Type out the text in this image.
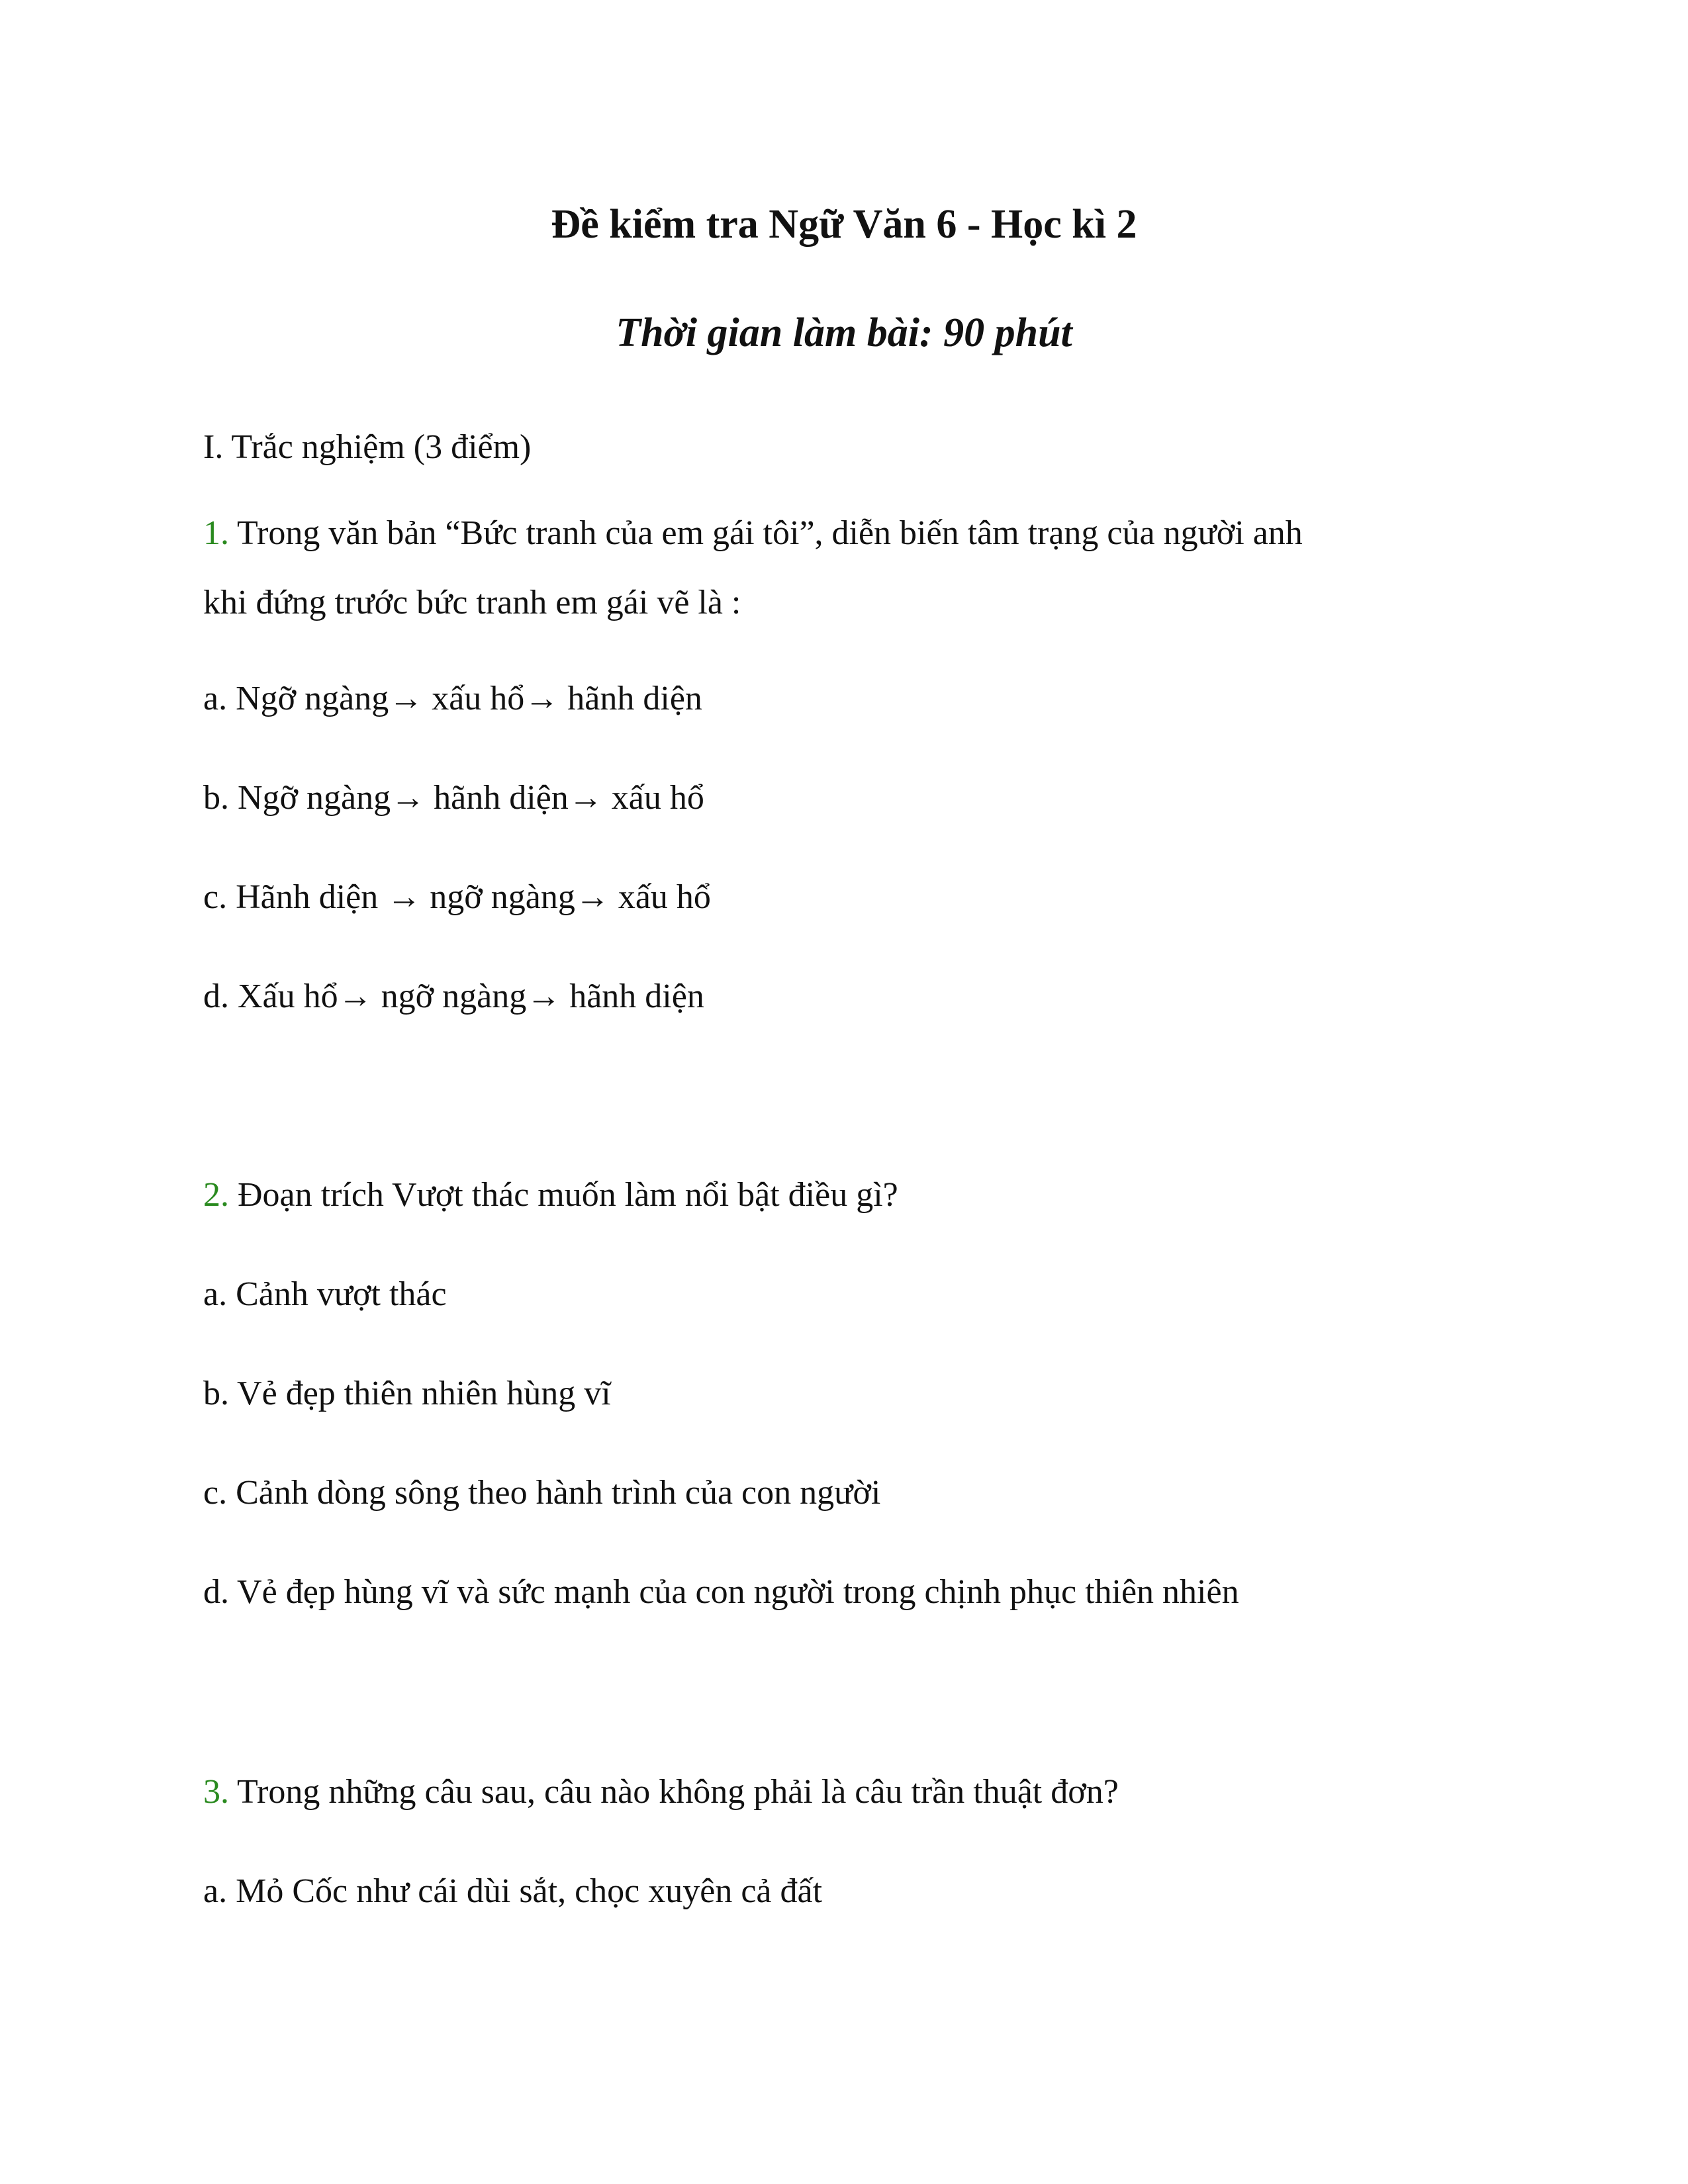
Đề kiểm tra Ngữ Văn 6 - Học kì 2
Thời gian làm bài: 90 phút
I. Trắc nghiệm (3 điểm)
1. Trong văn bản “Bức tranh của em gái tôi”, diễn biến tâm trạng của người anh
khi đứng trước bức tranh em gái vẽ là :
a. Ngỡ ngàng→ xấu hổ→ hãnh diện
b. Ngỡ ngàng→ hãnh diện→ xấu hổ
c. Hãnh diện → ngỡ ngàng→ xấu hổ
d. Xấu hổ→ ngỡ ngàng→ hãnh diện
2. Đoạn trích Vượt thác muốn làm nổi bật điều gì?
a. Cảnh vượt thác
b. Vẻ đẹp thiên nhiên hùng vĩ
c. Cảnh dòng sông theo hành trình của con người
d. Vẻ đẹp hùng vĩ và sức mạnh của con người trong chịnh phục thiên nhiên
3. Trong những câu sau, câu nào không phải là câu trần thuật đơn?
a. Mỏ Cốc như cái dùi sắt, chọc xuyên cả đất
